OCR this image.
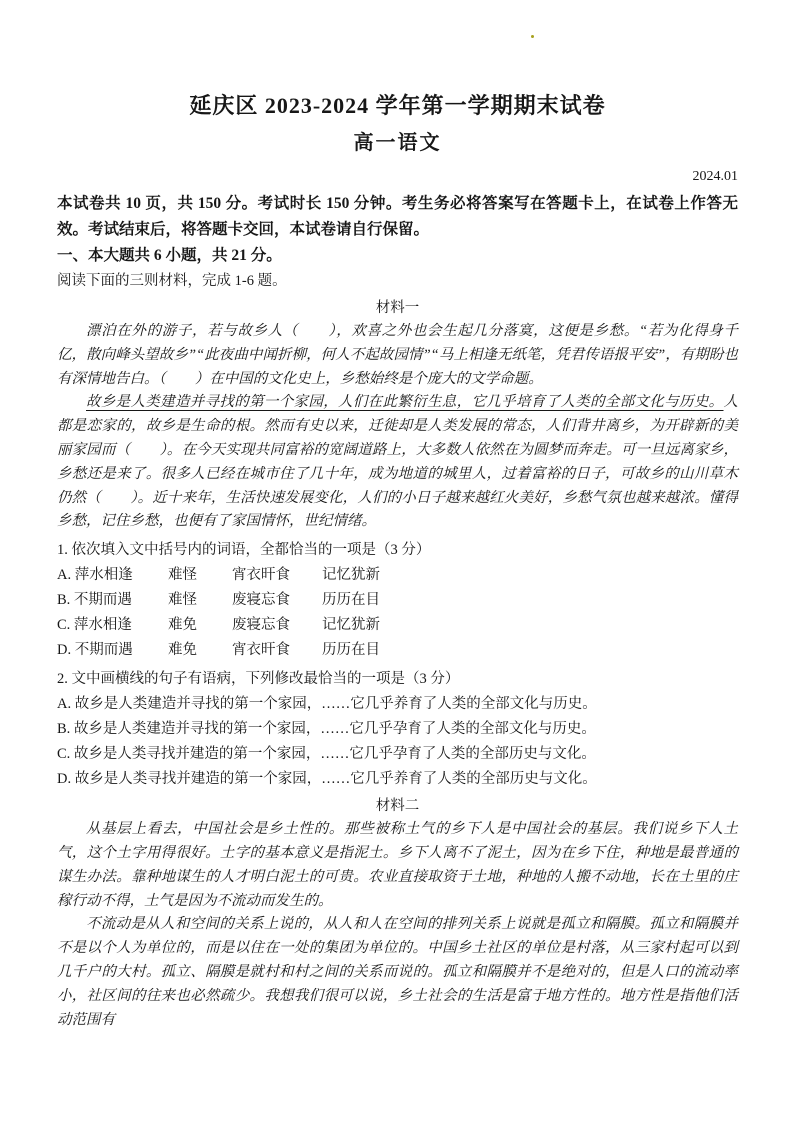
延庆区 2023-2024 学年第一学期期末试卷
高一语文
2024.01

本试卷共 10 页，共 150 分。考试时长 150 分钟。考生务必将答案写在答题卡上，在试卷上作答无效。考试结束后，将答题卡交回，本试卷请自行保留。

一、本大题共 6 小题，共 21 分。

阅读下面的三则材料，完成 1-6 题。

材料一

漂泊在外的游子，若与故乡人（　　），欢喜之外也会生起几分落寞，这便是乡愁。“若为化得身千亿，散向峰头望故乡”“此夜曲中闻折柳，何人不起故园情”“马上相逢无纸笔，凭君传语报平安”，有期盼也有深情地告白。（　　）在中国的文化史上，乡愁始终是个庞大的文学命题。

故乡是人类建造并寻找的第一个家园，人们在此繁衍生息，它几乎培育了人类的全部文化与历史。人都是恋家的，故乡是生命的根。然而有史以来，迁徙却是人类发展的常态，人们背井离乡，为开辟新的美丽家园而（　　）。在今天实现共同富裕的宽阔道路上，大多数人依然在为圆梦而奔走。可一旦远离家乡，乡愁还是来了。很多人已经在城市住了几十年，成为地道的城里人，过着富裕的日子，可故乡的山川草木仍然（　　）。近十来年，生活快速发展变化，人们的小日子越来越红火美好，乡愁气氛也越来越浓。懂得乡愁，记住乡愁，也便有了家国情怀，世纪情绪。

1. 依次填入文中括号内的词语，全都恰当的一项是（3 分）

A. 萍水相逢	难怪	宵衣旰食	记忆犹新
B. 不期而遇	难怪	废寝忘食	历历在目
C. 萍水相逢	难免	废寝忘食	记忆犹新
D. 不期而遇	难免	宵衣旰食	历历在目

2. 文中画横线的句子有语病，下列修改最恰当的一项是（3 分）

A. 故乡是人类建造并寻找的第一个家园，……它几乎养育了人类的全部文化与历史。

B. 故乡是人类建造并寻找的第一个家园，……它几乎孕育了人类的全部文化与历史。

C. 故乡是人类寻找并建造的第一个家园，……它几乎孕育了人类的全部历史与文化。

D. 故乡是人类寻找并建造的第一个家园，……它几乎养育了人类的全部历史与文化。

材料二

从基层上看去，中国社会是乡土性的。那些被称土气的乡下人是中国社会的基层。我们说乡下人土气，这个土字用得很好。土字的基本意义是指泥土。乡下人离不了泥土，因为在乡下住，种地是最普通的谋生办法。靠种地谋生的人才明白泥土的可贵。农业直接取资于土地，种地的人搬不动地，长在土里的庄稼行动不得，土气是因为不流动而发生的。

不流动是从人和空间的关系上说的，从人和人在空间的排列关系上说就是孤立和隔膜。孤立和隔膜并不是以个人为单位的，而是以住在一处的集团为单位的。中国乡土社区的单位是村落，从三家村起可以到几千户的大村。孤立、隔膜是就村和村之间的关系而说的。孤立和隔膜并不是绝对的，但是人口的流动率小，社区间的往来也必然疏少。我想我们很可以说，乡土社会的生活是富于地方性的。地方性是指他们活动范围有
